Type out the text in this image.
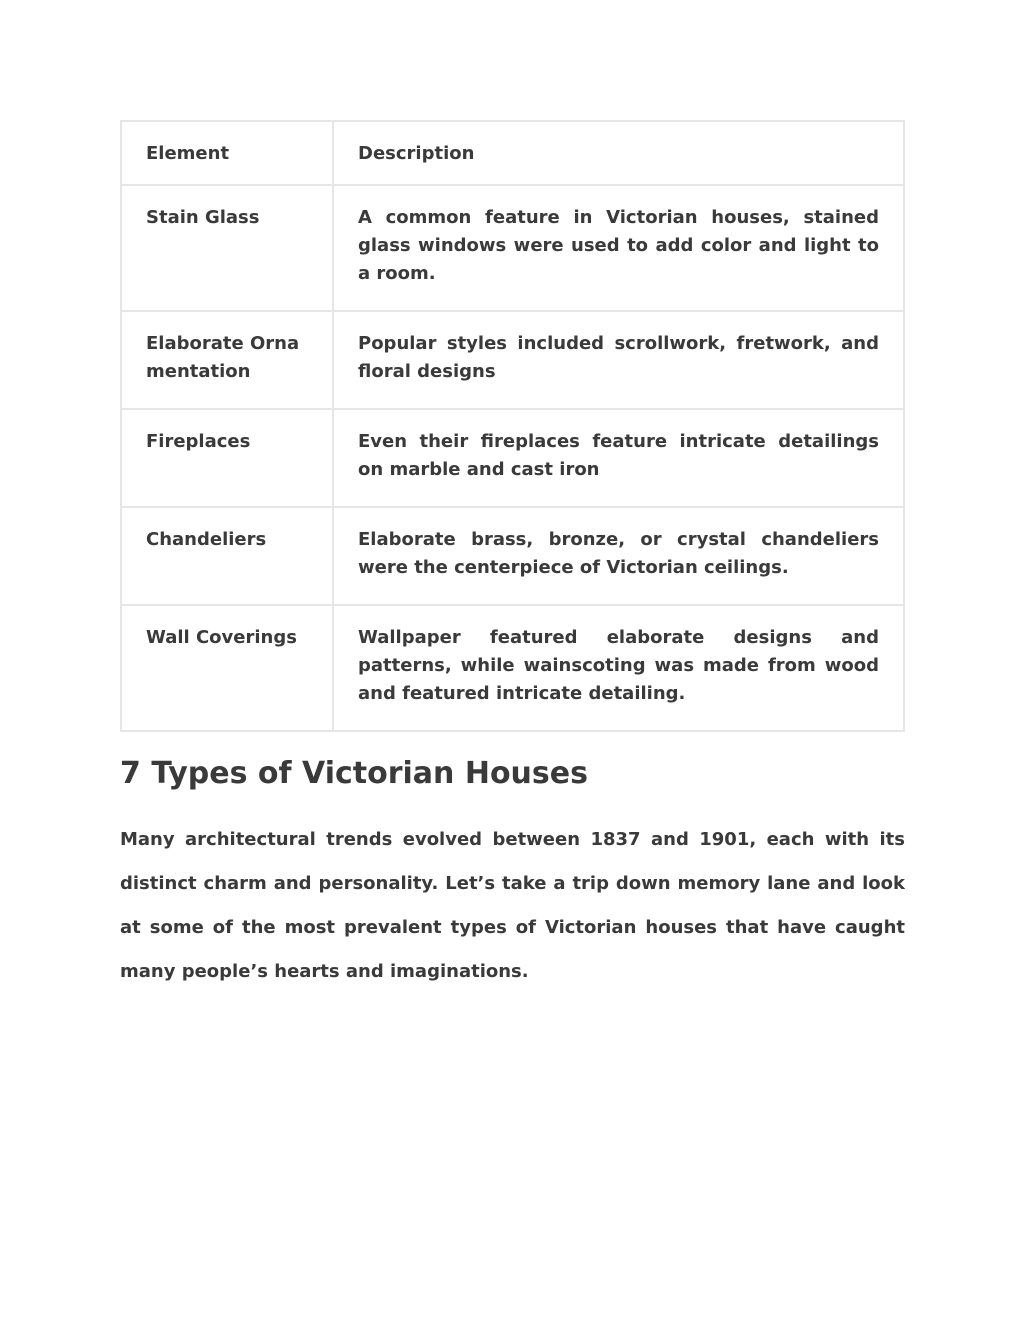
Element	Description
Stain Glass	A common feature in Victorian houses, stained glass windows were used to add color and light to a room.
Elaborate Ornamentation	Popular styles included scrollwork, fretwork, and floral designs
Fireplaces	Even their fireplaces feature intricate detailings on marble and cast iron
Chandeliers	Elaborate brass, bronze, or crystal chandeliers were the centerpiece of Victorian ceilings.
Wall Coverings	Wallpaper featured elaborate designs and patterns, while wainscoting was made from wood and featured intricate detailing.
7 Types of Victorian Houses

Many architectural trends evolved between 1837 and 1901, each with its distinct charm and personality. Let’s take a trip down memory lane and look at some of the most prevalent types of Victorian houses that have caught many people’s hearts and imaginations.
